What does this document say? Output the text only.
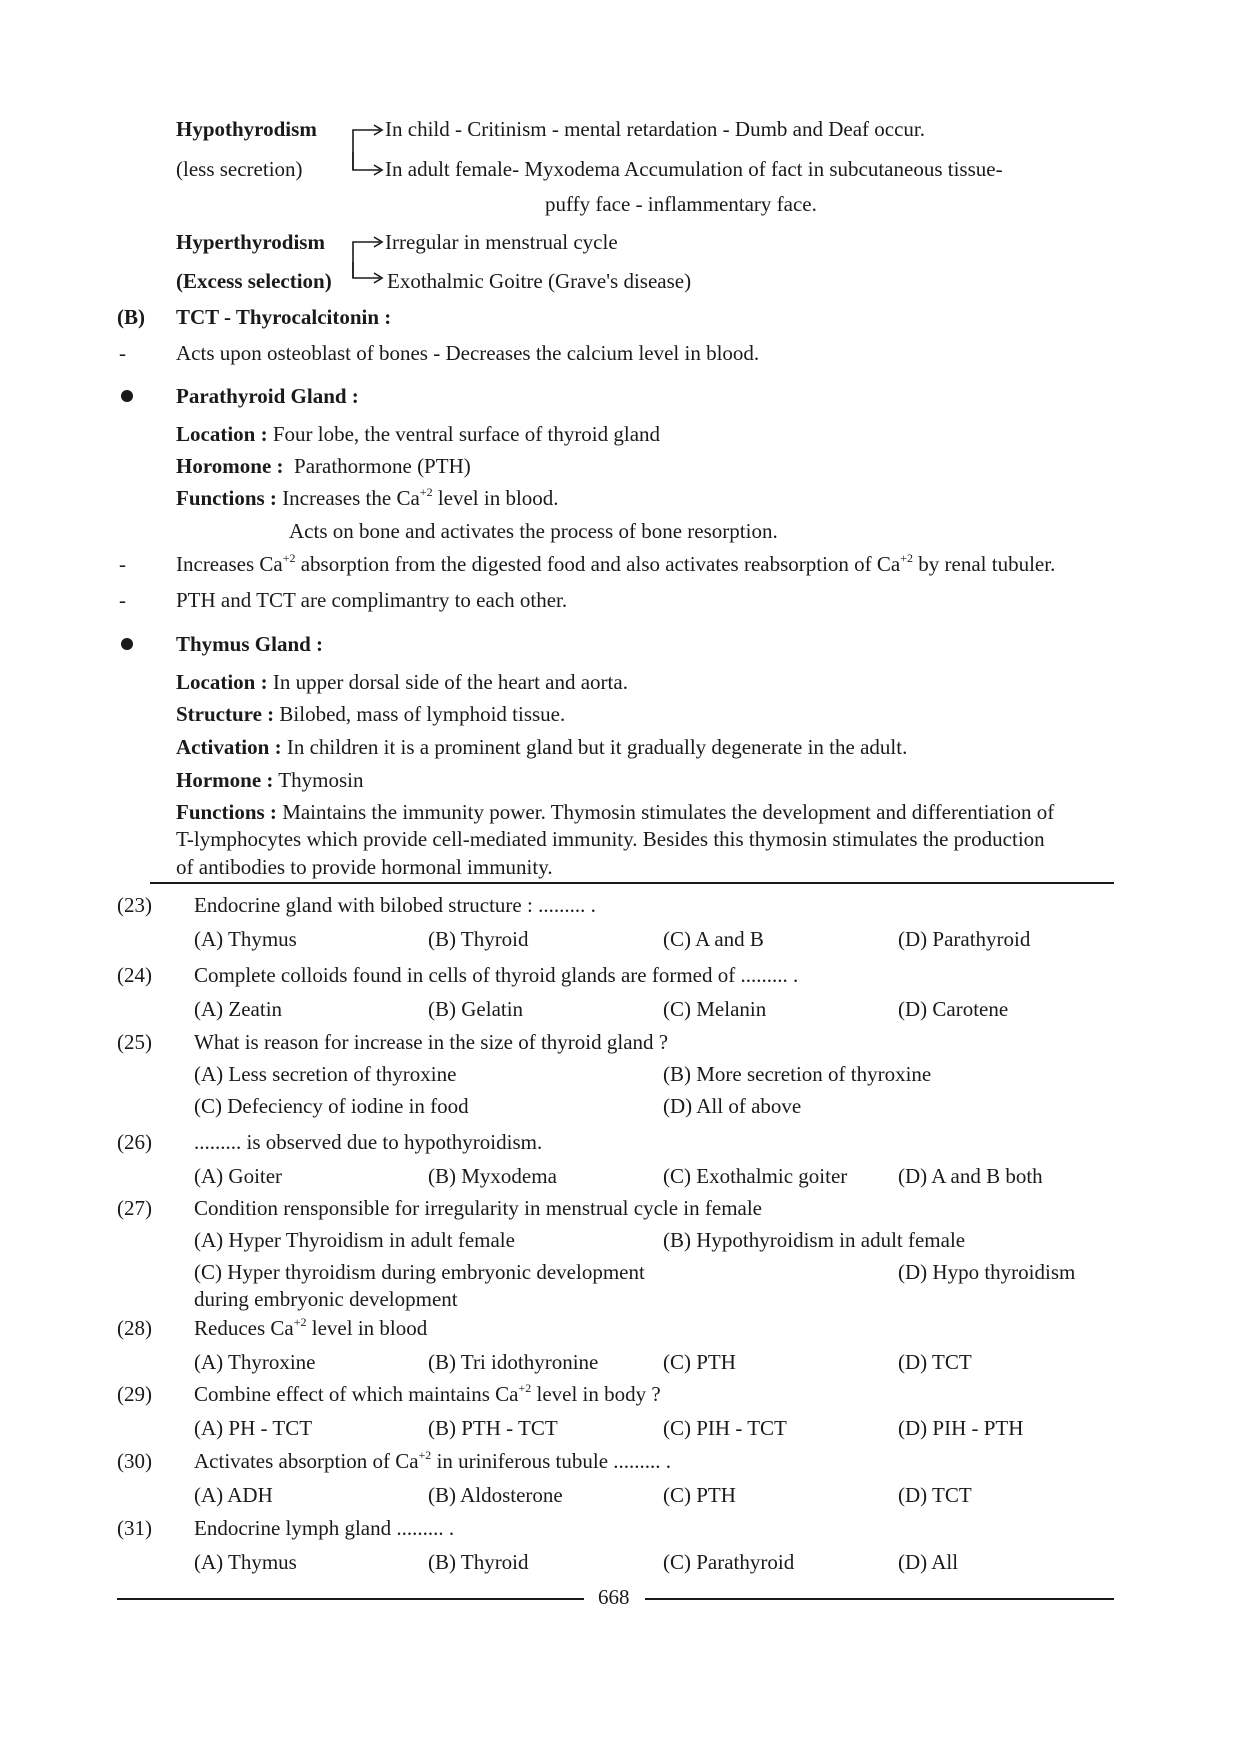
Hypothyrodism
(less secretion)
In child - Critinism - mental retardation - Dumb and Deaf occur.
In adult female- Myxodema Accumulation of fact in subcutaneous tissue-
puffy face - inflammentary face.
Hyperthyrodism
(Excess selection)
Irregular in menstrual cycle
Exothalmic Goitre (Grave's disease)
(B) TCT - Thyrocalcitonin :
- Acts upon osteoblast of bones - Decreases the calcium level in blood.
Parathyroid Gland :
Location : Four lobe, the ventral surface of thyroid gland
Horomone : Parathormone (PTH)
Functions : Increases the $Ca^{+2}$ level in blood.
Acts on bone and activates the process of bone resorption.
- Increases $Ca^{+2}$ absorption from the digested food and also activates reabsorption of $Ca^{+2}$ by renal tubuler.
- PTH and TCT are complimantry to each other.
Thymus Gland :
Location : In upper dorsal side of the heart and aorta.
Structure : Bilobed, mass of lymphoid tissue.
Activation : In children it is a prominent gland but it gradually degenerate in the adult.
Hormone : Thymosin
Functions : Maintains the immunity power. Thymosin stimulates the development and differentiation of
T-lymphocytes which provide cell-mediated immunity. Besides this thymosin stimulates the production
of antibodies to provide hormonal immunity.
(23) Endocrine gland with bilobed structure : ......... .
(A) Thymus	(B) Thyroid	(C) A and B	(D) Parathyroid
(24) Complete colloids found in cells of thyroid glands are formed of ......... .
(A) Zeatin	(B) Gelatin	(C) Melanin	(D) Carotene
(25) What is reason for increase in the size of thyroid gland ?
(A) Less secretion of thyroxine	(B) More secretion of thyroxine
(C) Defeciency of iodine in food	(D) All of above
(26) ......... is observed due to hypothyroidism.
(A) Goiter	(B) Myxodema	(C) Exothalmic goiter (D) A and B both
(27) Condition rensponsible for irregularity in menstrual cycle in female
(A) Hyper Thyroidism in adult female	(B) Hypothyroidism in adult female
(C) Hyper thyroidism during embryonic development	(D) Hypo thyroidism
during embryonic development
(28) Reduces $Ca^{+2}$ level in blood
(A) Thyroxine	(B) Tri idothyronine	(C) PTH	(D) TCT
(29) Combine effect of which maintains $Ca^{+2}$ level in body ?
(A) PH - TCT	(B) PTH - TCT	(C) PIH - TCT	(D) PIH - PTH
(30) Activates absorption of $Ca^{+2}$ in uriniferous tubule ......... .
(A) ADH	(B) Aldosterone	(C) PTH	(D) TCT
(31) Endocrine lymph gland ......... .
(A) Thymus	(B) Thyroid	(C) Parathyroid	(D) All
668
